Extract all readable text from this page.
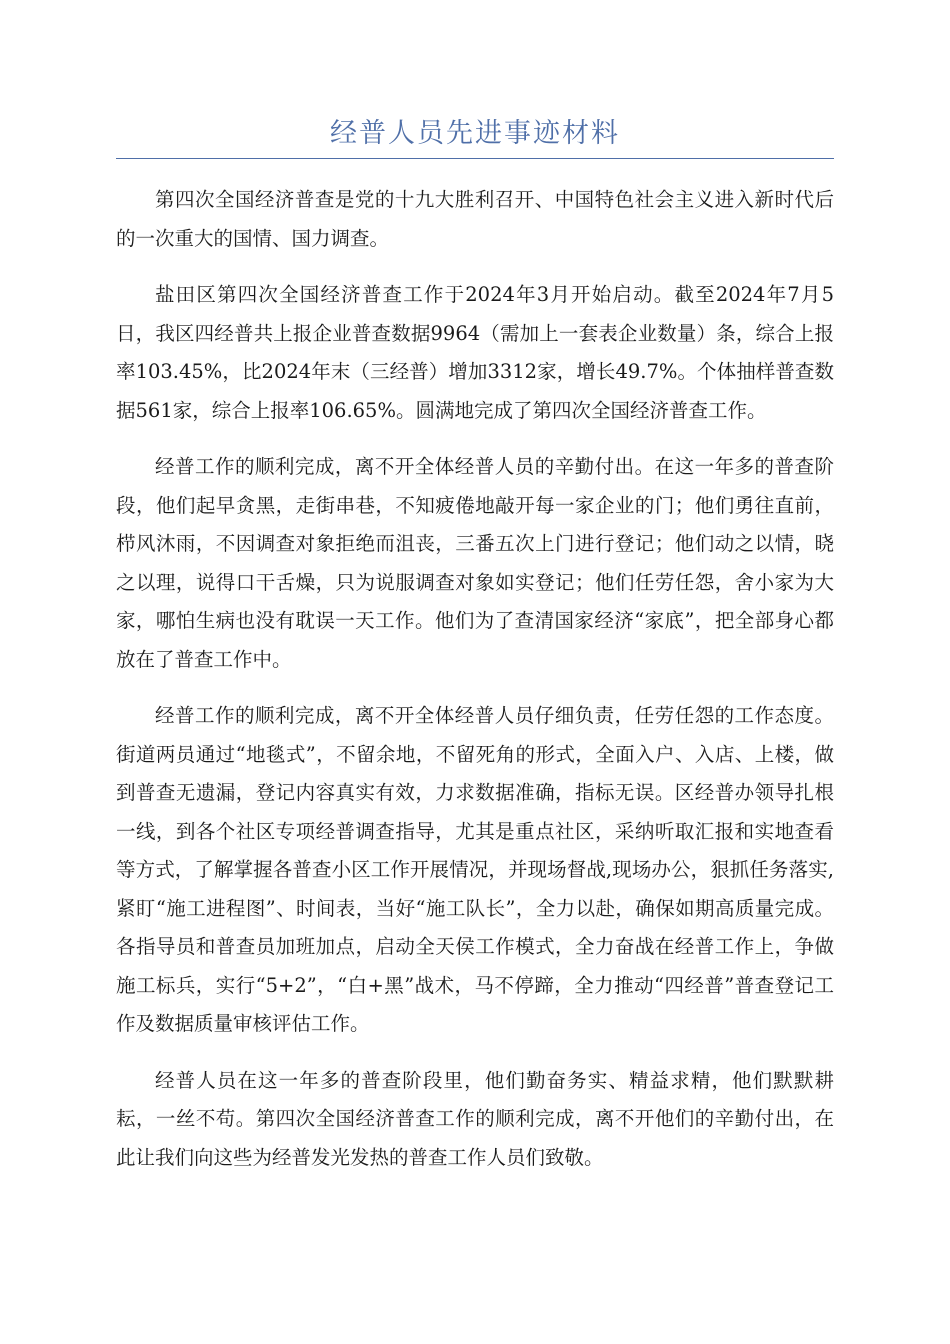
经普人员先进事迹材料

第四次全国经济普查是党的十九大胜利召开、中国特色社会主义进入新时代后的一次重大的国情、国力调查。

盐田区第四次全国经济普查工作于2024年3月开始启动。截至2024年7月5日，我区四经普共上报企业普查数据9964（需加上一套表企业数量）条，综合上报率103.45%，比2024年末（三经普）增加3312家，增长49.7%。个体抽样普查数据561家，综合上报率106.65%。圆满地完成了第四次全国经济普查工作。

经普工作的顺利完成，离不开全体经普人员的辛勤付出。在这一年多的普查阶段，他们起早贪黑，走街串巷，不知疲倦地敲开每一家企业的门；他们勇往直前，栉风沐雨，不因调查对象拒绝而沮丧，三番五次上门进行登记；他们动之以情，晓之以理，说得口干舌燥，只为说服调查对象如实登记；他们任劳任怨，舍小家为大家，哪怕生病也没有耽误一天工作。他们为了查清国家经济“家底”，把全部身心都放在了普查工作中。

经普工作的顺利完成，离不开全体经普人员仔细负责，任劳任怨的工作态度。街道两员通过“地毯式”，不留余地，不留死角的形式，全面入户、入店、上楼，做到普查无遗漏，登记内容真实有效，力求数据准确，指标无误。区经普办领导扎根一线，到各个社区专项经普调查指导，尤其是重点社区，采纳听取汇报和实地查看等方式，了解掌握各普查小区工作开展情况，并现场督战,现场办公，狠抓任务落实,紧盯“施工进程图”、时间表，当好“施工队长”，全力以赴，确保如期高质量完成。各指导员和普查员加班加点，启动全天侯工作模式，全力奋战在经普工作上，争做施工标兵，实行“5+2”，“白+黑”战术，马不停蹄，全力推动“四经普”普查登记工作及数据质量审核评估工作。

经普人员在这一年多的普查阶段里，他们勤奋务实、精益求精，他们默默耕耘，一丝不苟。第四次全国经济普查工作的顺利完成，离不开他们的辛勤付出，在此让我们向这些为经普发光发热的普查工作人员们致敬。
